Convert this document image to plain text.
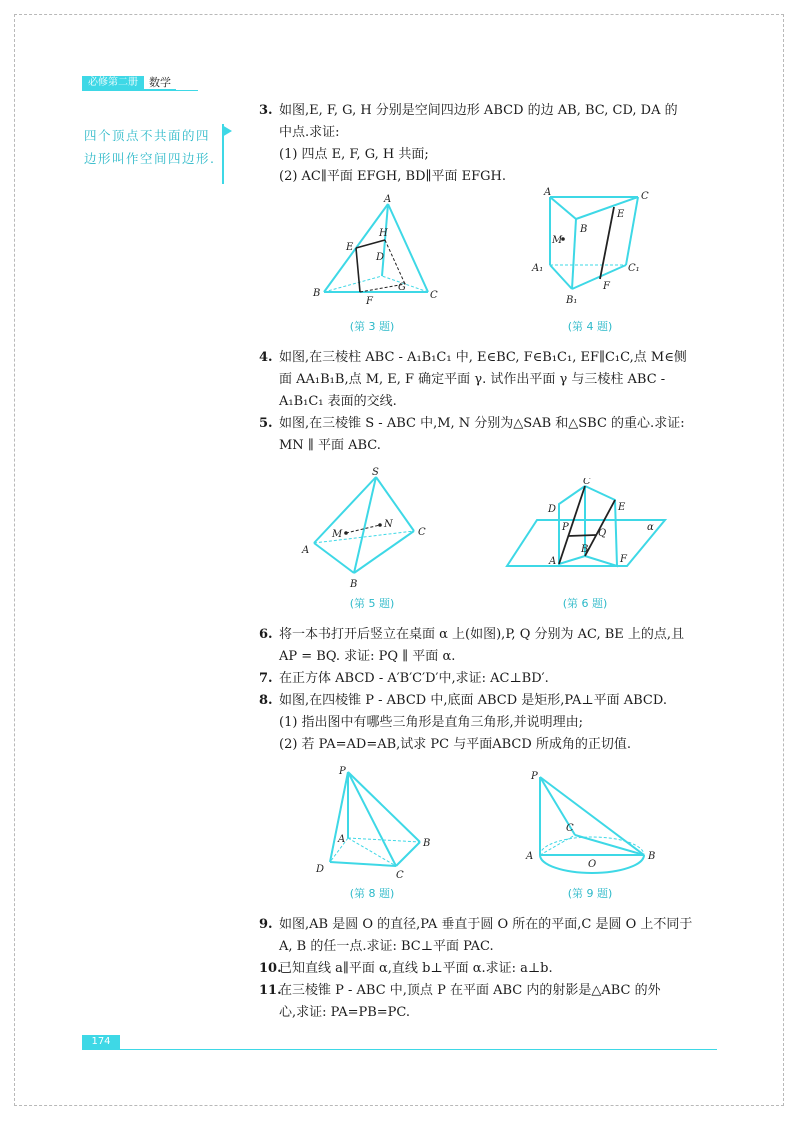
必修第二册	数学
四个顶点不共面的四边形叫作空间四边形.
3. 如图,E, F, G, H 分别是空间四边形 ABCD 的边 AB, BC, CD, DA 的
中点.求证:
(1) 四点 E, F, G, H 共面;
(2) AC∥平面 EFGH, BD∥平面 EFGH.
A
B	C
D
E
F
G
H
(第 3 题)
A	C
B
E
M
A₁	C₁
B₁
F
(第 4 题)
4. 如图,在三棱柱 ABC - A₁B₁C₁ 中, E∈BC, F∈B₁C₁, EF∥C₁C,点 M∈侧
面 AA₁B₁B,点 M, E, F 确定平面 γ. 试作出平面 γ 与三棱柱 ABC -
A₁B₁C₁ 表面的交线.
5. 如图,在三棱锥 S - ABC 中,M, N 分别为△SAB 和△SBC 的重心.求证:
MN ∥ 平面 ABC.
S
A
B
C
M
N
(第 5 题)
C
D	E
P
Q
A
B
F
α
(第 6 题)
6. 将一本书打开后竖立在桌面 α 上(如图),P, Q 分别为 AC, BE 上的点,且
AP = BQ. 求证: PQ ∥ 平面 α.
7. 在正方体 ABCD - A′B′C′D′中,求证: AC⊥BD′.
8. 如图,在四棱锥 P - ABCD 中,底面 ABCD 是矩形,PA⊥平面 ABCD.
(1) 指出图中有哪些三角形是直角三角形,并说明理由;
(2) 若 PA=AD=AB,试求 PC 与平面ABCD 所成角的正切值.
P
A	B
C
D
(第 8 题)
P
C
A
O
B
(第 9 题)
9. 如图,AB 是圆 O 的直径,PA 垂直于圆 O 所在的平面,C 是圆 O 上不同于
A, B 的任一点.求证: BC⊥平面 PAC.
10.已知直线 a∥平面 α,直线 b⊥平面 α.求证: a⊥b.
11.在三棱锥 P - ABC 中,顶点 P 在平面 ABC 内的射影是△ABC 的外
心,求证: PA=PB=PC.
174
